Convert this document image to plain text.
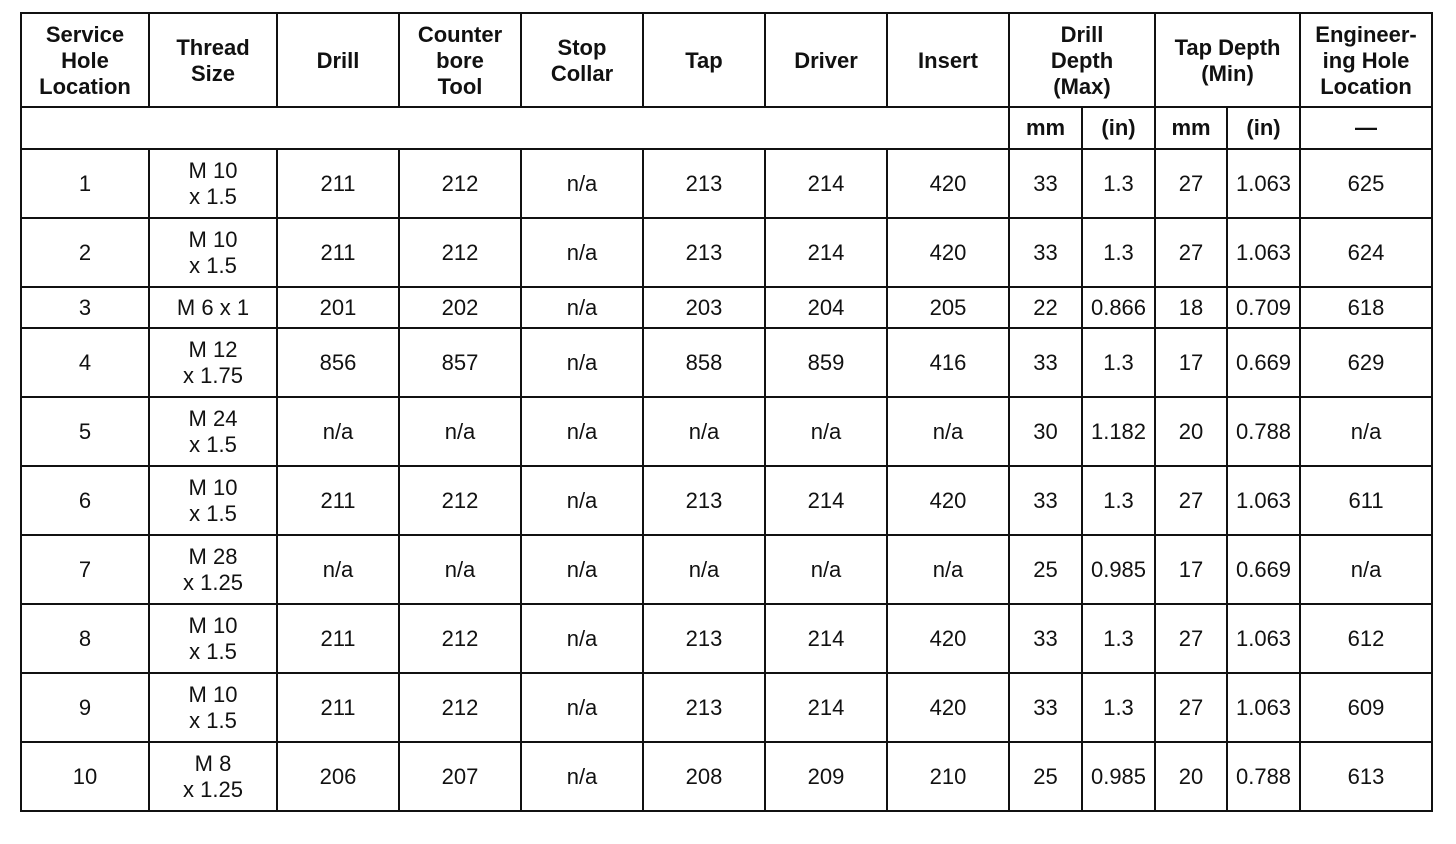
Service
Hole
Location	Thread
Size	Drill	Counter
bore
Tool	Stop
Collar	Tap	Driver	Insert	Drill
Depth
(Max)		Tap Depth
(Min)		Engineer-
ing Hole
Location
								mm	(in)	mm	(in)	—
1	M 10
x 1.5	211	212	n/a	213	214	420	33	1.3	27	1.063	625
2	M 10
x 1.5	211	212	n/a	213	214	420	33	1.3	27	1.063	624
3	M 6 x 1	201	202	n/a	203	204	205	22	0.866	18	0.709	618
4	M 12
x 1.75	856	857	n/a	858	859	416	33	1.3	17	0.669	629
5	M 24
x 1.5	n/a	n/a	n/a	n/a	n/a	n/a	30	1.182	20	0.788	n/a
6	M 10
x 1.5	211	212	n/a	213	214	420	33	1.3	27	1.063	611
7	M 28
x 1.25	n/a	n/a	n/a	n/a	n/a	n/a	25	0.985	17	0.669	n/a
8	M 10
x 1.5	211	212	n/a	213	214	420	33	1.3	27	1.063	612
9	M 10
x 1.5	211	212	n/a	213	214	420	33	1.3	27	1.063	609
10	M 8
x 1.25	206	207	n/a	208	209	210	25	0.985	20	0.788	613
